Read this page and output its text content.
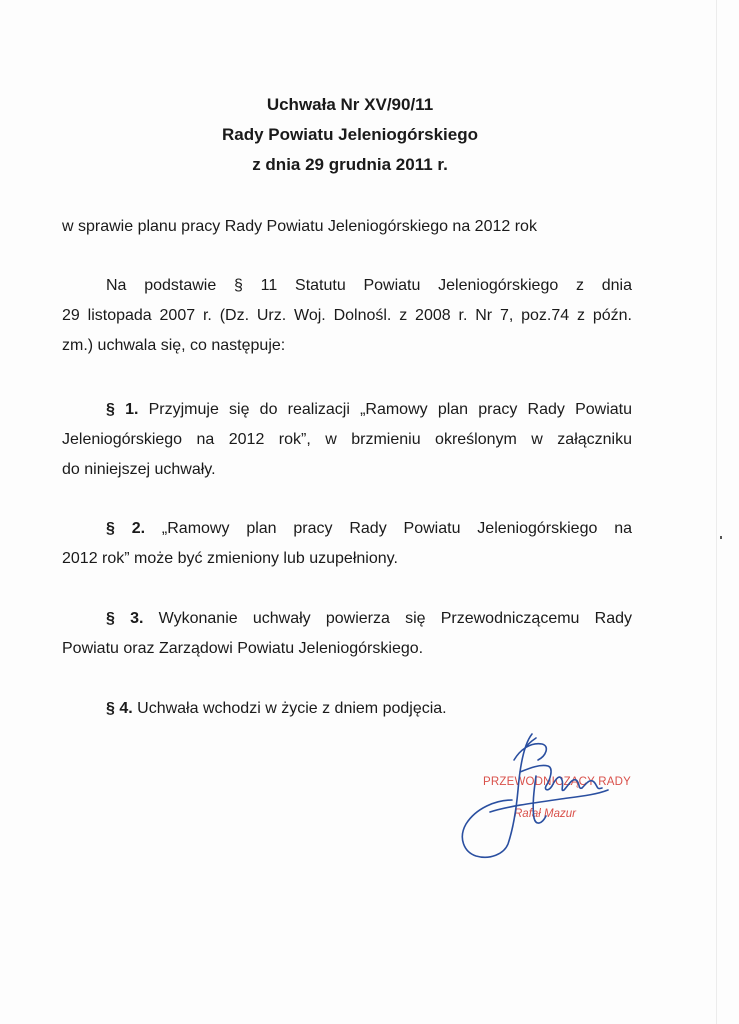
Uchwała Nr XV/90/11
Rady Powiatu Jeleniogórskiego
z dnia 29 grudnia 2011 r.
w sprawie planu pracy Rady Powiatu Jeleniogórskiego na 2012 rok
Na podstawie § 11 Statutu Powiatu Jeleniogórskiego z dnia
29 listopada 2007 r. (Dz. Urz. Woj. Dolnośl. z 2008 r. Nr 7, poz.74 z późn.
zm.) uchwala się, co następuje:
§ 1. Przyjmuje się do realizacji „Ramowy plan pracy Rady Powiatu
Jeleniogórskiego na 2012 rok”, w brzmieniu określonym w załączniku
do niniejszej uchwały.
§ 2. „Ramowy plan pracy Rady Powiatu Jeleniogórskiego na
2012 rok” może być zmieniony lub uzupełniony.
§ 3. Wykonanie uchwały powierza się Przewodniczącemu Rady
Powiatu oraz Zarządowi Powiatu Jeleniogórskiego.
§ 4. Uchwała wchodzi w życie z dniem podjęcia.
PRZEWODNICZĄCY RADY
Rafał Mazur
